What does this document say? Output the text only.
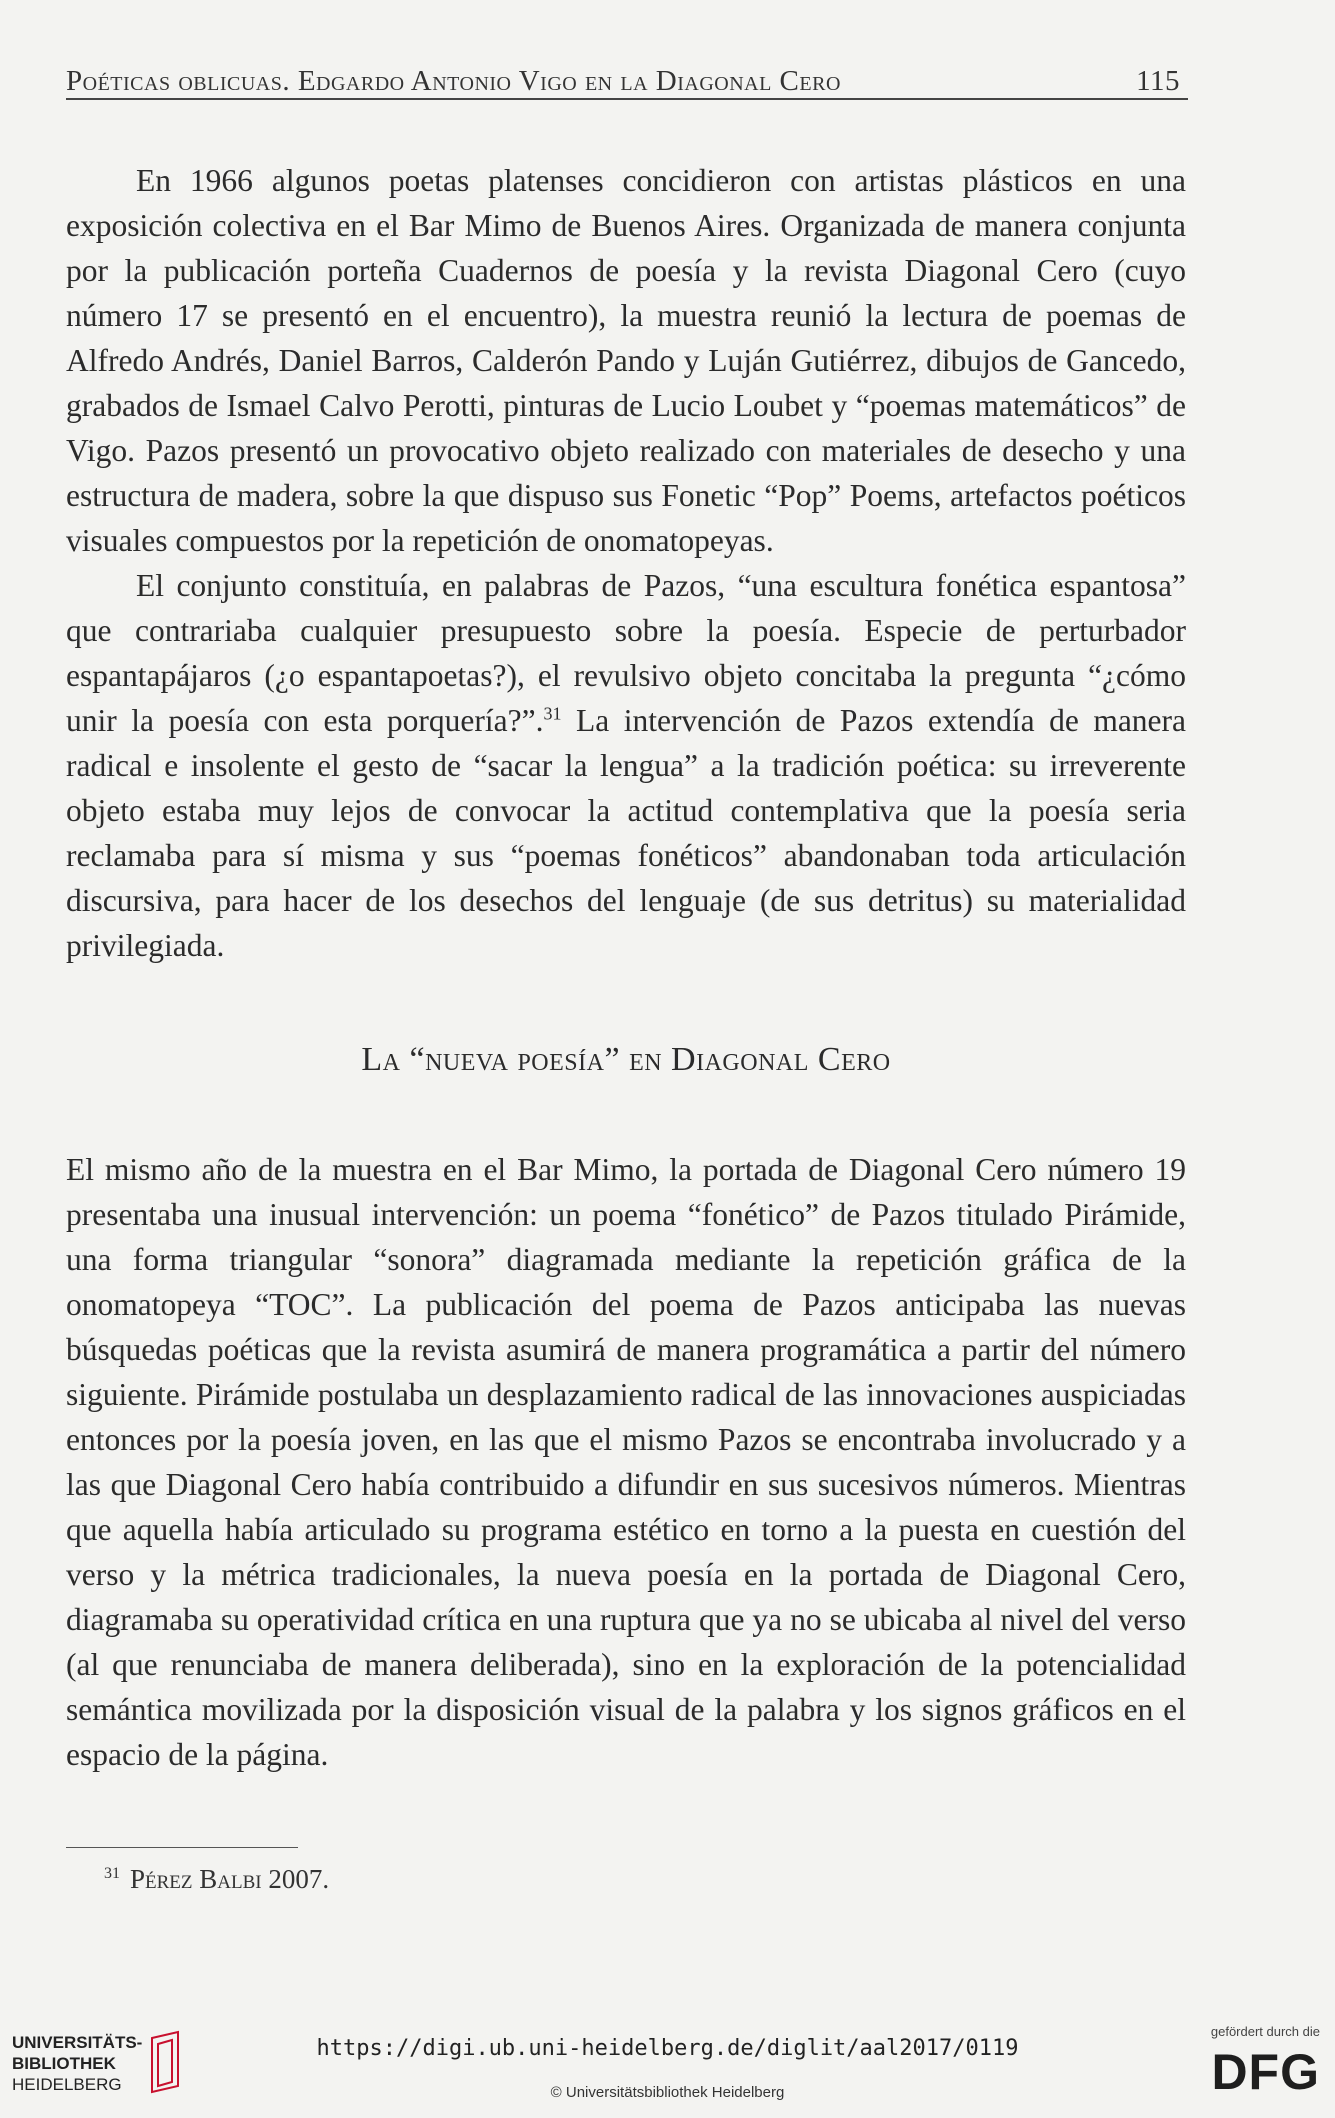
Poéticas oblicuas. Edgardo Antonio Vigo en la Diagonal Cero	115

En 1966 algunos poetas platenses concidieron con artistas plásticos en una exposición colectiva en el Bar Mimo de Buenos Aires. Organizada de manera conjunta por la publicación porteña Cuadernos de poesía y la revista Diagonal Cero (cuyo número 17 se presentó en el encuentro), la muestra reunió la lectura de poemas de Alfredo Andrés, Daniel Barros, Calderón Pando y Luján Gutiérrez, dibujos de Gancedo, grabados de Ismael Calvo Perotti, pinturas de Lucio Loubet y “poemas matemáticos” de Vigo. Pazos presentó un provocativo objeto realizado con materiales de desecho y una estructura de madera, sobre la que dispuso sus Fonetic “Pop” Poems, artefactos poéticos visuales compuestos por la repetición de onomatopeyas.

El conjunto constituía, en palabras de Pazos, “una escultura fonética espantosa” que contrariaba cualquier presupuesto sobre la poesía. Especie de perturbador espantapájaros (¿o espantapoetas?), el revulsivo objeto concitaba la pregunta “¿cómo unir la poesía con esta porquería?”.$^{31}$ La intervención de Pazos extendía de manera radical e insolente el gesto de “sacar la lengua” a la tradición poética: su irreverente objeto estaba muy lejos de convocar la actitud contemplativa que la poesía seria reclamaba para sí misma y sus “poemas fonéticos” abandonaban toda articulación discursiva, para hacer de los desechos del lenguaje (de sus detritus) su materialidad privilegiada.

La “nueva poesía” en Diagonal Cero

El mismo año de la muestra en el Bar Mimo, la portada de Diagonal Cero número 19 presentaba una inusual intervención: un poema “fonético” de Pazos titulado Pirámide, una forma triangular “sonora” diagramada mediante la repetición gráfica de la onomatopeya “TOC”. La publicación del poema de Pazos anticipaba las nuevas búsquedas poéticas que la revista asumirá de manera programática a partir del número siguiente. Pirámide postulaba un desplazamiento radical de las innovaciones auspiciadas entonces por la poesía joven, en las que el mismo Pazos se encontraba involucrado y a las que Diagonal Cero había contribuido a difundir en sus sucesivos números. Mientras que aquella había articulado su programa estético en torno a la puesta en cuestión del verso y la métrica tradicionales, la nueva poesía en la portada de Diagonal Cero, diagramaba su operatividad crítica en una ruptura que ya no se ubicaba al nivel del verso (al que renunciaba de manera deliberada), sino en la exploración de la potencialidad semántica movilizada por la disposición visual de la palabra y los signos gráficos en el espacio de la página.

$^{31}$ Pérez Balbi 2007.
UNIVERSITÄTS-
BIBLIOTHEK
HEIDELBERG
https://digi.ub.uni-heidelberg.de/diglit/aal2017/0119
© Universitätsbibliothek Heidelberg
gefördert durch die
DFG
